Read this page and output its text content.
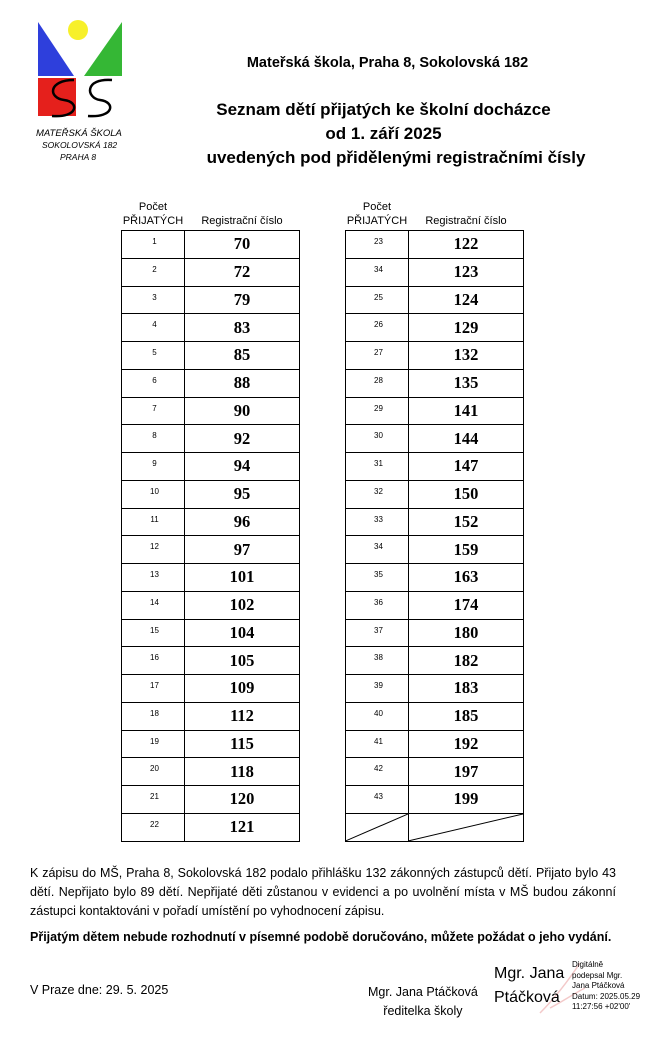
MATEŘSKÁ ŠKOLA
SOKOLOVSKÁ 182
PRAHA 8
Mateřská škola, Praha 8, Sokolovská 182
Seznam dětí přijatých ke školní docházce
od 1. září 2025
uvedených pod přidělenými registračními čísly
Počet
PŘIJATÝCH	Registrační číslo
1	70
2	72
3	79
4	83
5	85
6	88
7	90
8	92
9	94
10	95
11	96
12	97
13	101
14	102
15	104
16	105
17	109
18	112
19	115
20	118
21	120
22	121
Počet
PŘIJATÝCH	Registrační číslo
23	122
34	123
25	124
26	129
27	132
28	135
29	141
30	144
31	147
32	150
33	152
34	159
35	163
36	174
37	180
38	182
39	183
40	185
41	192
42	197
43	199

K zápisu do MŠ, Praha 8, Sokolovská 182 podalo přihlášku 132 zákonných zástupců dětí. Přijato bylo 43 dětí. Nepřijato bylo 89 dětí. Nepřijaté děti zůstanou v evidenci a po uvolnění místa v MŠ budou zákonní zástupci kontaktováni v pořadí umístění po vyhodnocení zápisu.
Přijatým dětem nebude rozhodnutí v písemné podobě doručováno, můžete požádat o jeho vydání.
V Praze dne: 29. 5. 2025	Mgr. Jana Ptáčková
ředitelka školy
Mgr. Jana
Ptáčková
Digitálně
podepsal Mgr.
Jana Ptáčková
Datum: 2025.05.29
11:27:56 +02'00'
